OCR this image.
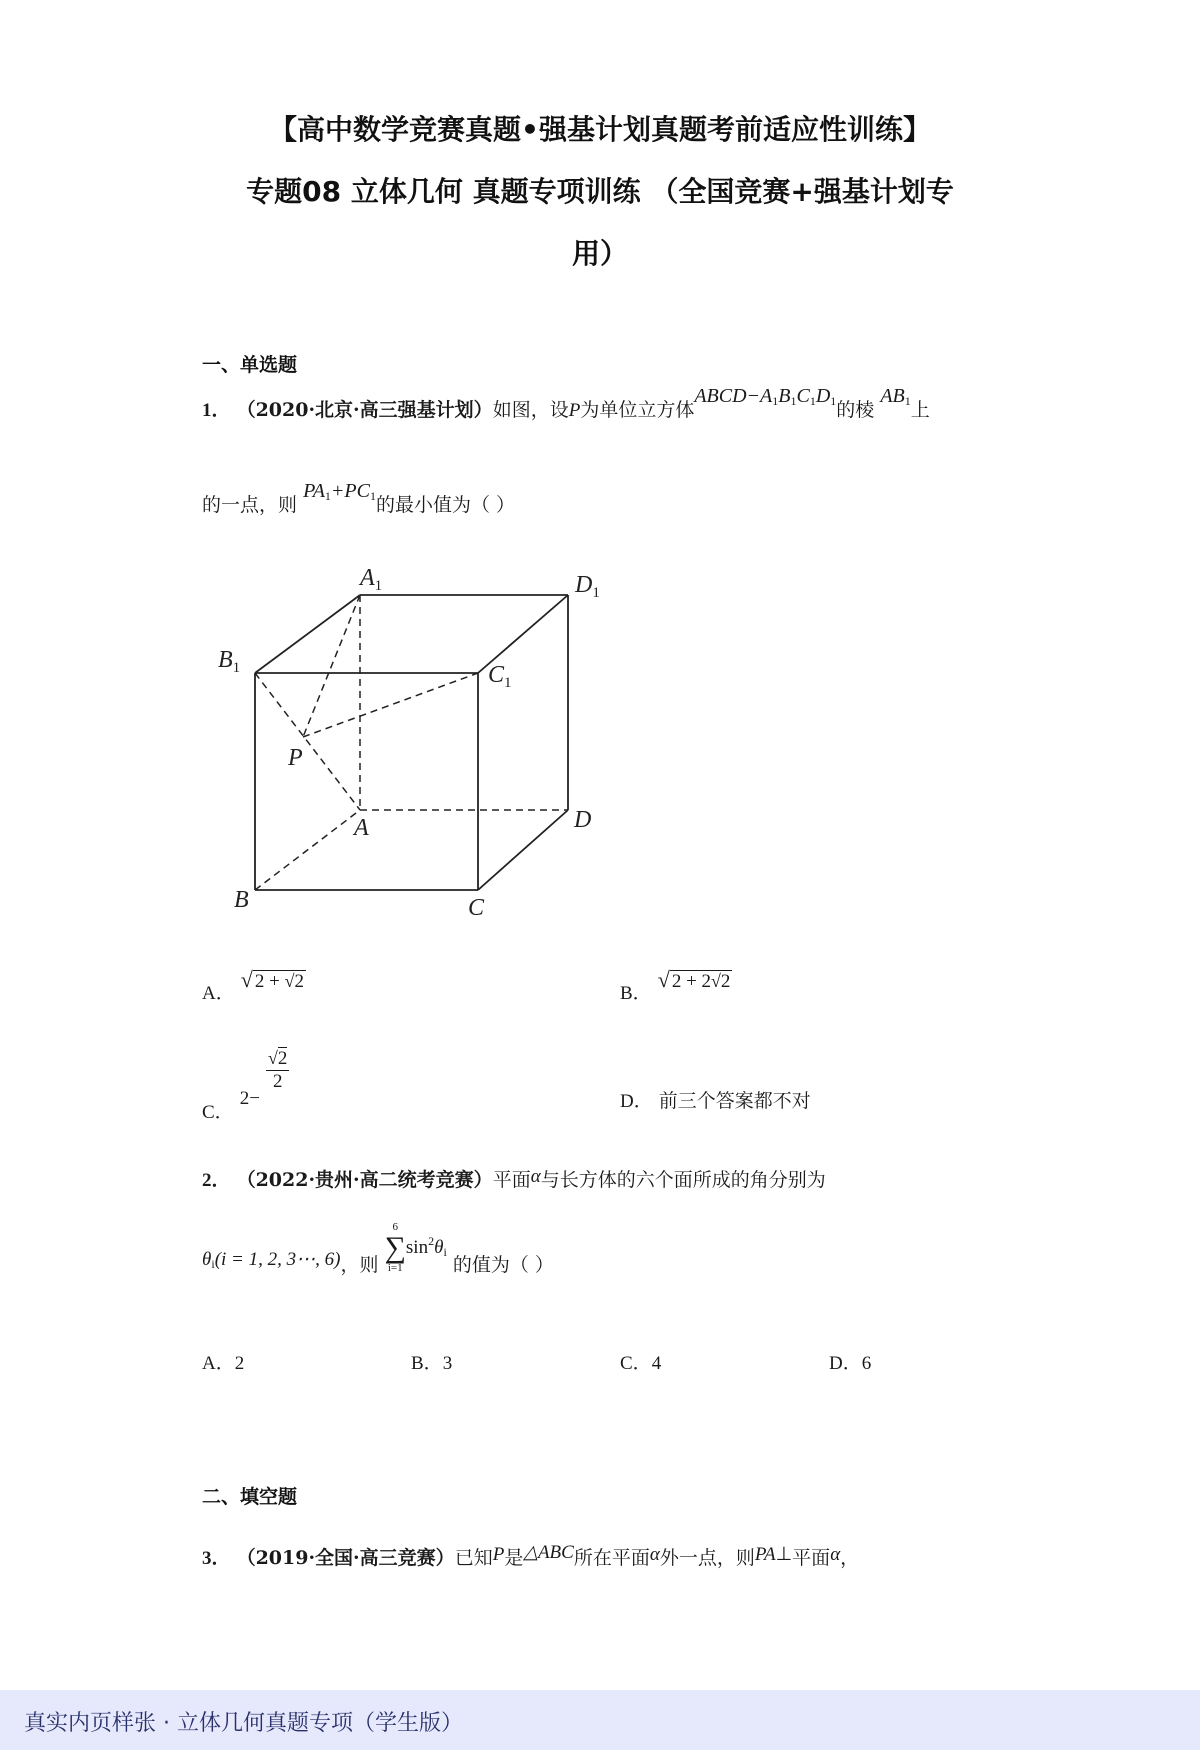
【高中数学竞赛真题•强基计划真题考前适应性训练】
专题08 立体几何 真题专项训练 （全国竞赛+强基计划专
用）
一、单选题
1． （2020·北京·高三强基计划）如图，设P为单位立方体$ABCD-A_1B_1C_1D_1$的棱 $AB_1$上
的一点，则 $PA_1+PC_1$的最小值为（ ）
$A_1$	$D_1$
$B_1$	$C_1$
P
A	D
B	C
A． √ 2 + √2
B． √ 2 + 2√2
C． 2−
$\frac{√2}{2}$
D． 前三个答案都不对
2． （2022·贵州·高二统考竞赛）平面α与长方体的六个面所成的角分别为
$\theta_i(i = 1$, 2, 3⋯, 6)，则
6
∑
i=1
$\sin^2\theta_i$ 的值为（ ）
A．2	B．3	C．4	D．6
二、填空题
3． （2019·全国·高三竞赛）已知P是△ABC所在平面α外一点，则PA⊥平面α，
真实内页样张 · 立体几何真题专项（学生版）
